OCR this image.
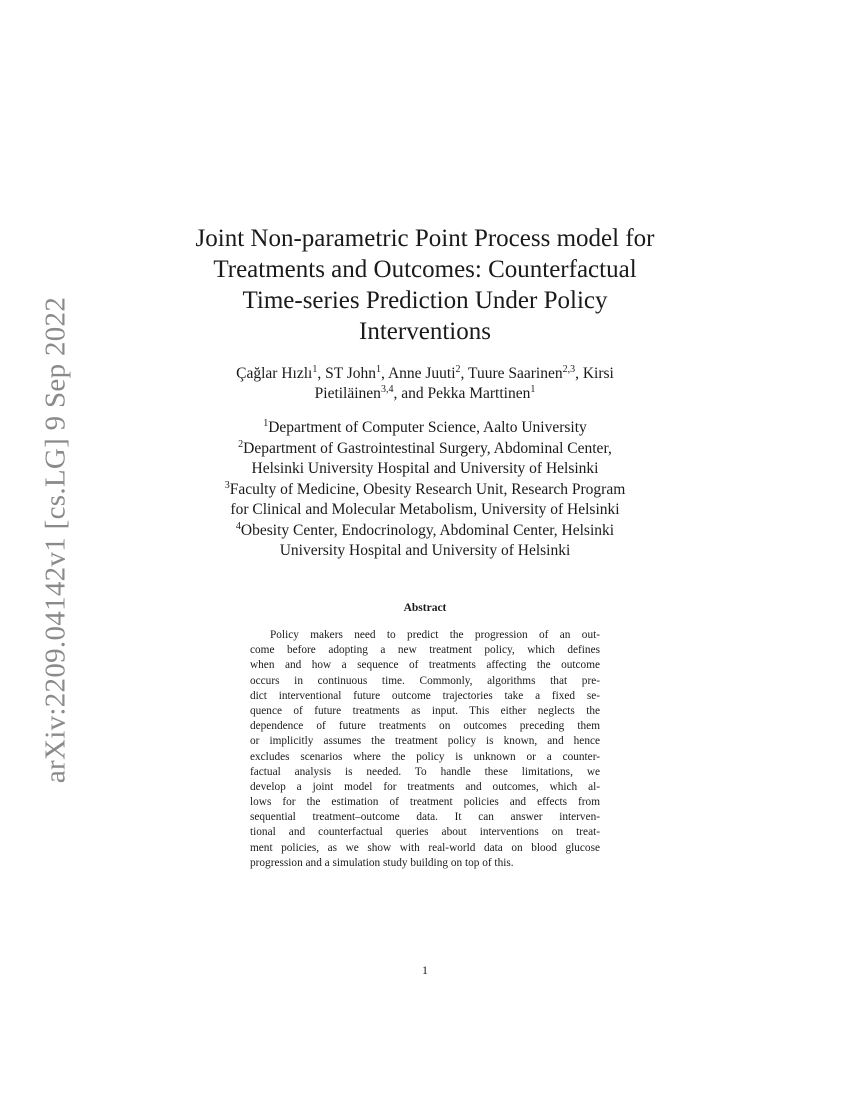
arXiv:2209.04142v1 [cs.LG] 9 Sep 2022
Joint Non-parametric Point Process model for
Treatments and Outcomes: Counterfactual
Time-series Prediction Under Policy
Interventions
Çağlar Hızlı$^1$, ST John$^1$, Anne Juuti$^2$, Tuure Saarinen$^{2,3}$, Kirsi
Pietiläinen$^{3,4}$, and Pekka Marttinen$^1$
$^1$Department of Computer Science, Aalto University
$^2$Department of Gastrointestinal Surgery, Abdominal Center,
Helsinki University Hospital and University of Helsinki
$^3$Faculty of Medicine, Obesity Research Unit, Research Program
for Clinical and Molecular Metabolism, University of Helsinki
$^4$Obesity Center, Endocrinology, Abdominal Center, Helsinki
University Hospital and University of Helsinki
Abstract
Policy makers need to predict the progression of an out-
come before adopting a new treatment policy, which defines
when and how a sequence of treatments affecting the outcome
occurs in continuous time. Commonly, algorithms that pre-
dict interventional future outcome trajectories take a fixed se-
quence of future treatments as input. This either neglects the
dependence of future treatments on outcomes preceding them
or implicitly assumes the treatment policy is known, and hence
excludes scenarios where the policy is unknown or a counter-
factual analysis is needed. To handle these limitations, we
develop a joint model for treatments and outcomes, which al-
lows for the estimation of treatment policies and effects from
sequential treatment–outcome data. It can answer interven-
tional and counterfactual queries about interventions on treat-
ment policies, as we show with real-world data on blood glucose
progression and a simulation study building on top of this.
1
